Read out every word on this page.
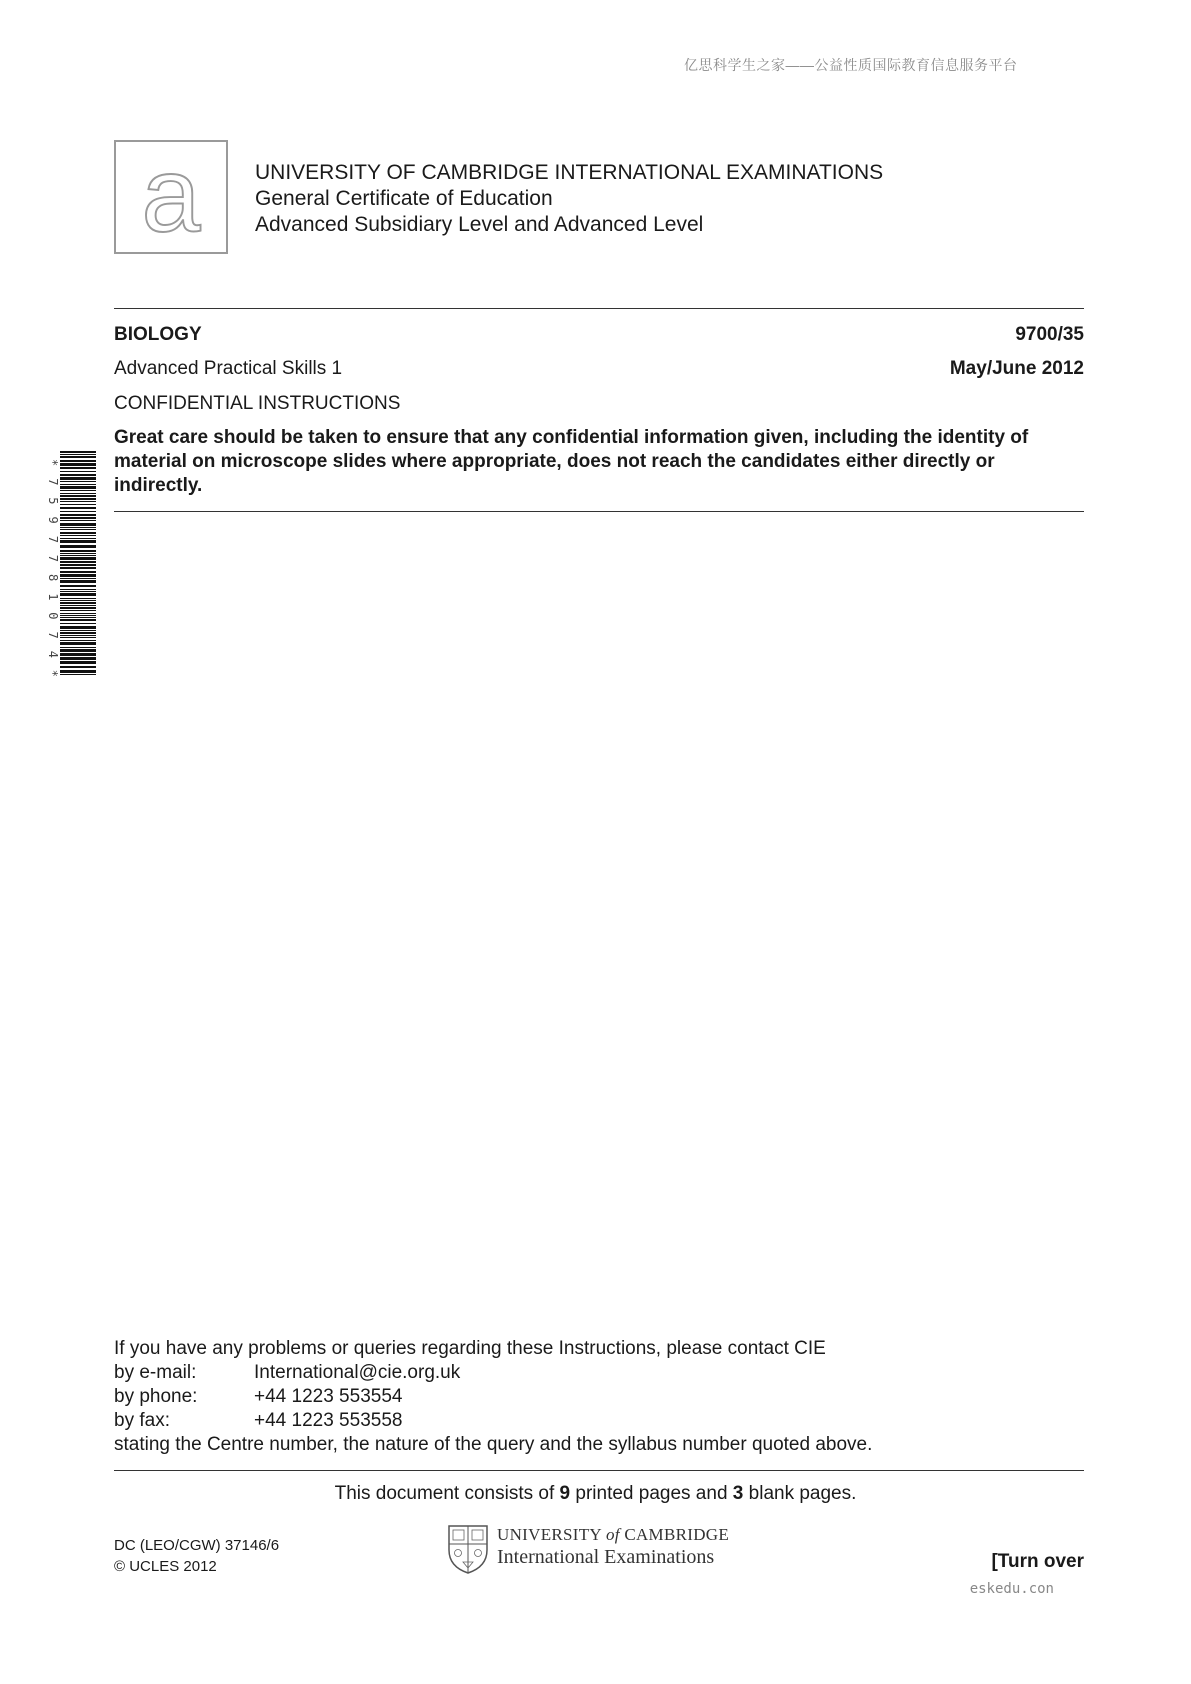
亿思科学生之家——公益性质国际教育信息服务平台
a	UNIVERSITY OF CAMBRIDGE INTERNATIONAL EXAMINATIONS
General Certificate of Education
Advanced Subsidiary Level and Advanced Level
BIOLOGY	9700/35
Advanced Practical Skills 1	May/June 2012
CONFIDENTIAL INSTRUCTIONS
Great care should be taken to ensure that any confidential information given, including the identity of material on microscope slides where appropriate, does not reach the candidates either directly or indirectly.
*
7
5
9
7
7
8
1
0
7
4
*
If you have any problems or queries regarding these Instructions, please contact CIE
by e-mail:	International@cie.org.uk
by phone:	+44 1223 553554
by fax:	+44 1223 553558
stating the Centre number, the nature of the query and the syllabus number quoted above.
This document consists of 9 printed pages and 3 blank pages.
DC (LEO/CGW) 37146/6
© UCLES 2012
UNIVERSITY of CAMBRIDGE
International Examinations	[Turn over
eskedu.con
